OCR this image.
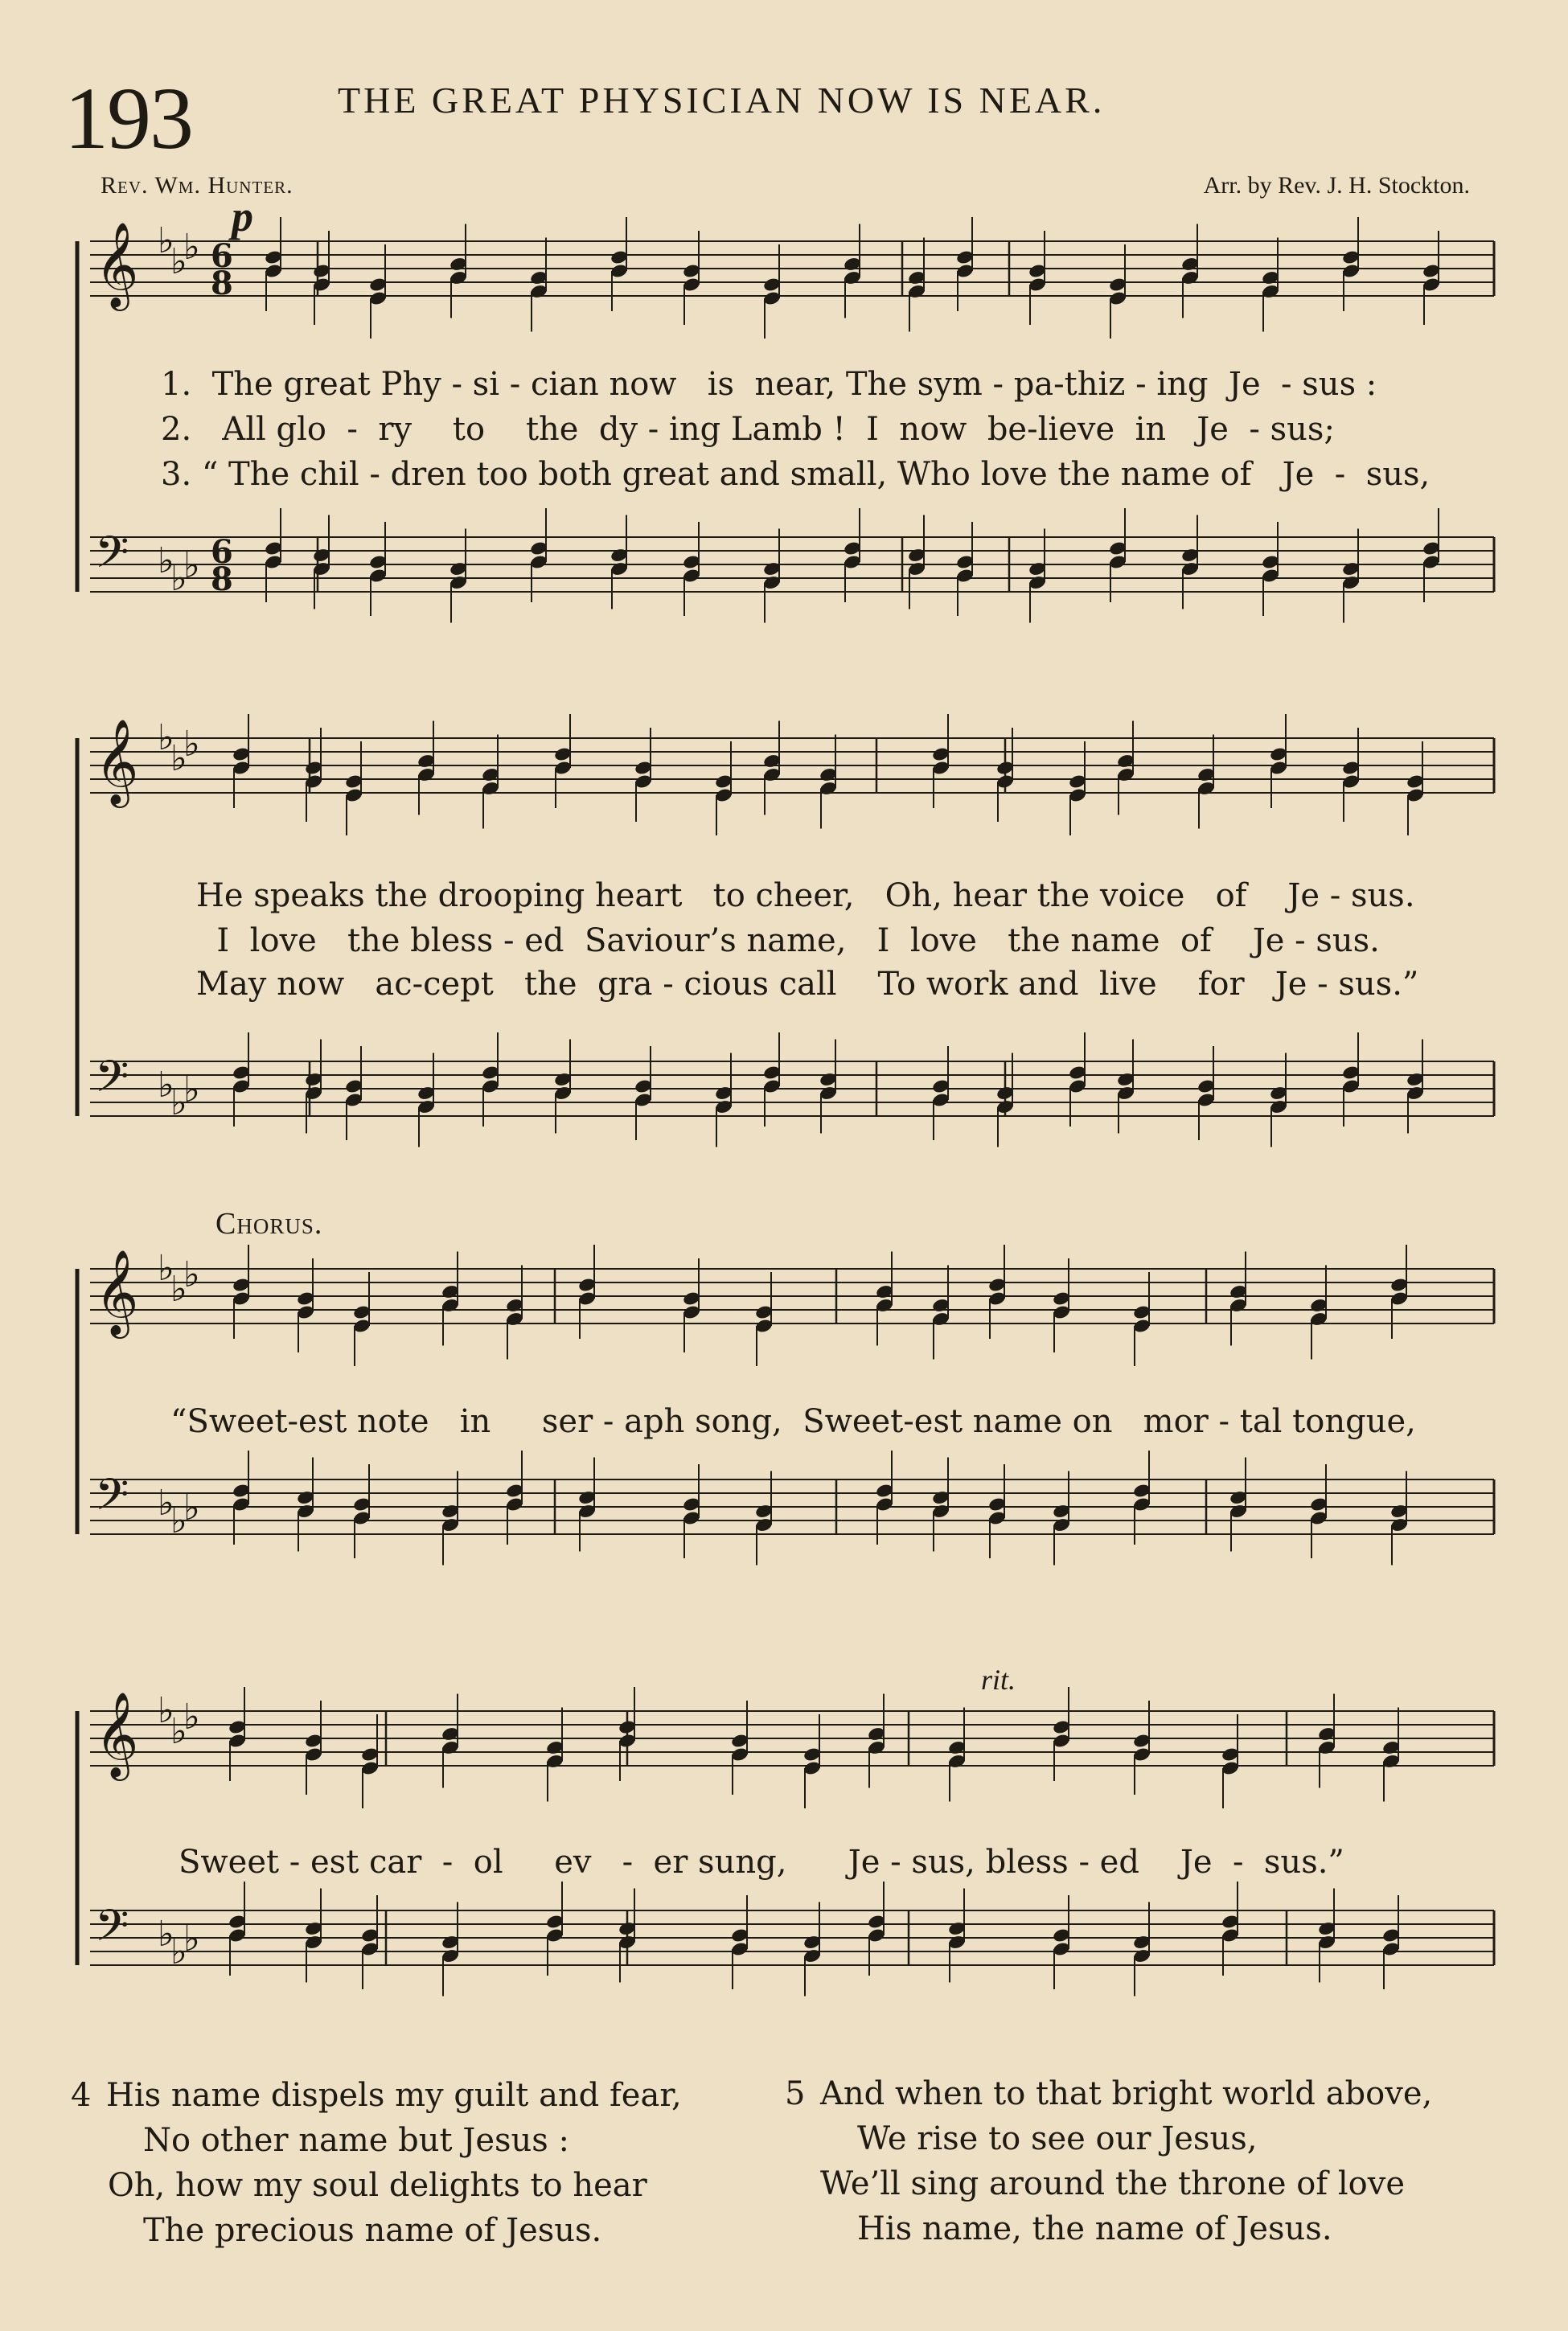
193	THE GREAT PHYSICIAN NOW IS NEAR.
Rev. Wm. Hunter.	Arr. by Rev. J. H. Stockton.
p
Chorus.
rit.
𝄞 ♭
♭
♭
𝄢 ♭
♭
♭
6
8
6
8
𝄞 ♭
♭
♭
𝄢 ♭
♭
♭
𝄞 ♭
♭
♭
𝄢 ♭
♭
♭
𝄞 ♭
♭
♭
𝄢 ♭
♭
♭
1.  The great Phy - si - cian now   is  near, The sym - pa-thiz - ing  Je  - sus :
2.   All glo  -  ry    to    the  dy - ing Lamb !  I  now  be-lieve  in   Je  - sus;
3. “ The chil - dren too both great and small, Who love the name of   Je  -  sus,
He speaks the drooping heart   to cheer,   Oh, hear the voice   of    Je - sus.
I  love   the bless - ed  Saviour’s name,   I  love   the name  of    Je - sus.
May now   ac-cept   the  gra - cious call    To work and  live    for   Je - sus.”
“Sweet-est note   in     ser - aph song,  Sweet-est name on   mor - tal tongue,
Sweet - est car  -  ol     ev   -  er sung,      Je - sus, bless - ed    Je  -  sus.”
4 His name dispels my guilt and fear,
No other name but Jesus :
Oh, how my soul delights to hear
The precious name of Jesus.
5 And when to that bright world above,
We rise to see our Jesus,
We’ll sing around the throne of love
His name, the name of Jesus.
